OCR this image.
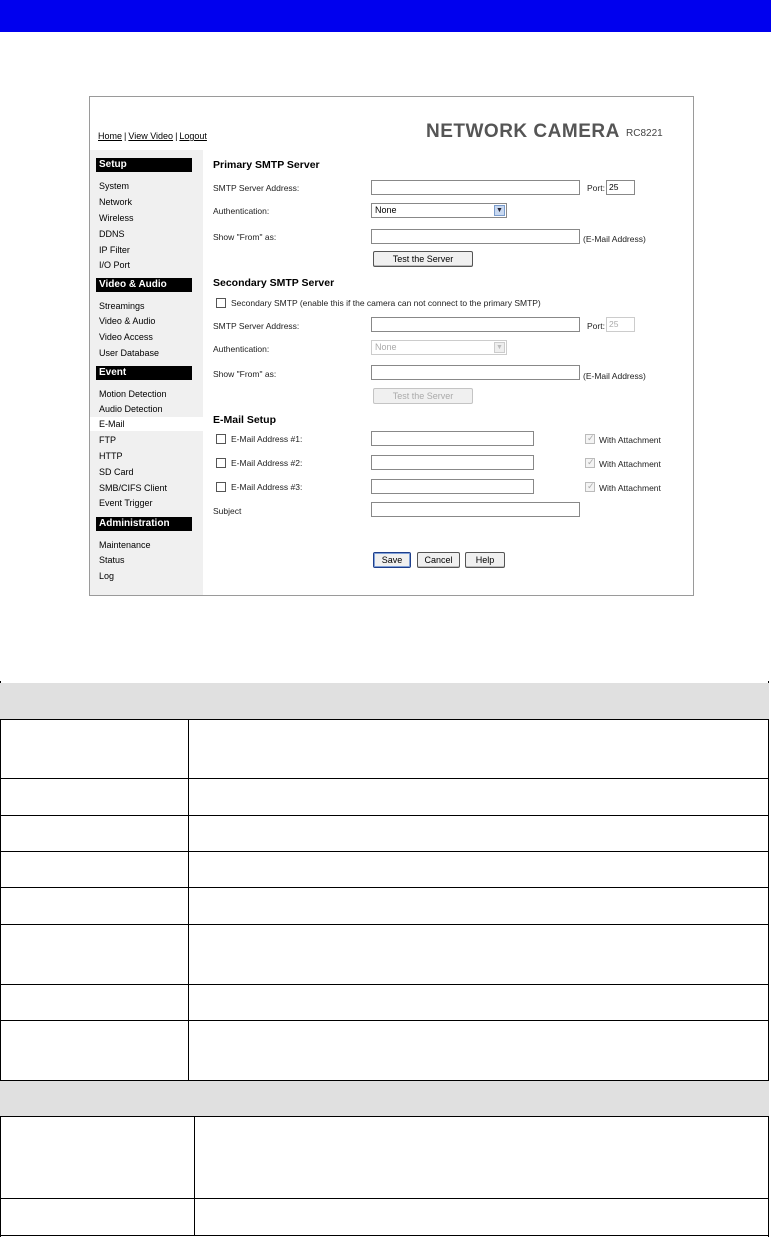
Home | View Video | Logout	NETWORK CAMERA RC8221
Setup
System
Network
Wireless
DDNS
IP Filter
I/O Port
Video & Audio
Streamings
Video & Audio
Video Access
User Database
Event
Motion Detection
Audio Detection
E-Mail
FTP
HTTP
SD Card
SMB/CIFS Client
Event Trigger
Administration
Maintenance
Status
Log
Primary SMTP Server
SMTP Server Address:	Port: 25
Authentication:	None	▼
Show "From" as:	(E-Mail Address)
Test the Server
Secondary SMTP Server
Secondary SMTP (enable this if the camera can not connect to the primary SMTP)
SMTP Server Address:	Port: 25
Authentication:	None	▼
Show "From" as:	(E-Mail Address)
Test the Server
E-Mail Setup
E-Mail Address #1:	✓ With Attachment
E-Mail Address #2:	✓ With Attachment
E-Mail Address #3:	✓ With Attachment
Subject
Save	Cancel	Help
